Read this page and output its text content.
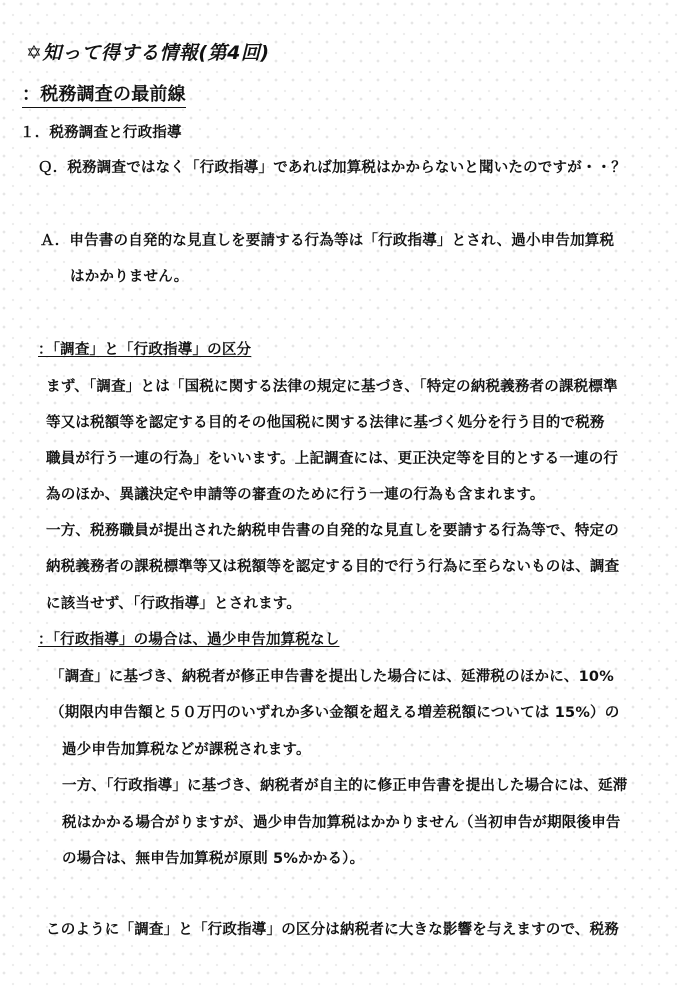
✡知って得する情報(第4回)
：税務調査の最前線
１．税務調査と行政指導
Ｑ．税務調査ではなく「行政指導」であれば加算税はかからないと聞いたのですが・・？
Ａ．申告書の自発的な見直しを要請する行為等は「行政指導」とされ、過小申告加算税
はかかりません。
：「調査」と「行政指導」の区分
まず、「調査」とは「国税に関する法律の規定に基づき、「特定の納税義務者の課税標準
等又は税額等を認定する目的その他国税に関する法律に基づく処分を行う目的で税務
職員が行う一連の行為」をいいます。上記調査には、更正決定等を目的とする一連の行
為のほか、異議決定や申請等の審査のために行う一連の行為も含まれます。
一方、税務職員が提出された納税申告書の自発的な見直しを要請する行為等で、特定の
納税義務者の課税標準等又は税額等を認定する目的で行う行為に至らないものは、調査
に該当せず、「行政指導」とされます。
：「行政指導」の場合は、過少申告加算税なし
「調査」に基づき、納税者が修正申告書を提出した場合には、延滞税のほかに、10%
（期限内申告額と５０万円のいずれか多い金額を超える増差税額については 15%）の
過少申告加算税などが課税されます。
一方、「行政指導」に基づき、納税者が自主的に修正申告書を提出した場合には、延滞
税はかかる場合がりますが、過少申告加算税はかかりません（当初申告が期限後申告
の場合は、無申告加算税が原則 5%かかる）。
このように「調査」と「行政指導」の区分は納税者に大きな影響を与えますので、税務
